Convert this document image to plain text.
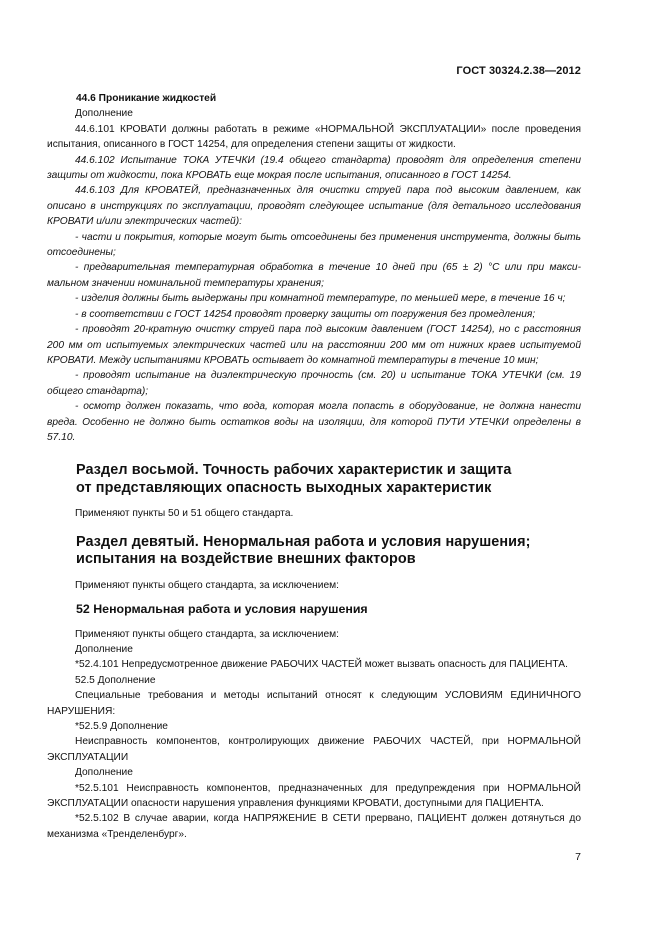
ГОСТ 30324.2.38—2012

44.6 Проникание жидкостей

Дополнение

44.6.101 КРОВАТИ должны работать в режиме «НОРМАЛЬНОЙ ЭКСПЛУАТАЦИИ» после проведения испытания, описанного в ГОСТ 14254, для определения степени защиты от жидкости.

44.6.102 Испытание ТОКА УТЕЧКИ (19.4 общего стандарта) проводят для определения степени защиты от жидкости, пока КРОВАТЬ еще мокрая после испытания, описанного в ГОСТ 14254.

44.6.103 Для КРОВАТЕЙ, предназначенных для очистки струей пара под высоким давлением, как описано в инструкциях по эксплуатации, проводят следующее испытание (для детального исследования КРОВАТИ и/или электрических частей):

- части и покрытия, которые могут быть отсоединены без применения инструмента, должны быть отсоединены;

- предварительная температурная обработка в течение 10 дней при (65 ± 2) °C или при максимальном значении номинальной температуры хранения;

- изделия должны быть выдержаны при комнатной температуре, по меньшей мере, в течение 16 ч;

- в соответствии с ГОСТ 14254 проводят проверку защиты от погружения без промедления;

- проводят 20-кратную очистку струей пара под высоким давлением (ГОСТ 14254), но с расстояния 200 мм от испытуемых электрических частей или на расстоянии 200 мм от нижних краев испытуемой КРОВАТИ. Между испытаниями КРОВАТЬ остывает до комнатной температуры в течение 10 мин;

- проводят испытание на диэлектрическую прочность (см. 20) и испытание ТОКА УТЕЧКИ (см. 19 общего стандарта);

- осмотр должен показать, что вода, которая могла попасть в оборудование, не должна нанести вреда. Особенно не должно быть остатков воды на изоляции, для которой ПУТИ УТЕЧКИ определены в 57.10.

Раздел восьмой. Точность рабочих характеристик и защита
от представляющих опасность выходных характеристик

Применяют пункты 50 и 51 общего стандарта.

Раздел девятый. Ненормальная работа и условия нарушения;
испытания на воздействие внешних факторов

Применяют пункты общего стандарта, за исключением:

52 Ненормальная работа и условия нарушения

Применяют пункты общего стандарта, за исключением:

Дополнение

*52.4.101 Непредусмотренное движение РАБОЧИХ ЧАСТЕЙ может вызвать опасность для ПАЦИЕНТА.

52.5 Дополнение

Специальные требования и методы испытаний относят к следующим УСЛОВИЯМ ЕДИНИЧНОГО НАРУШЕНИЯ:

*52.5.9 Дополнение

Неисправность компонентов, контролирующих движение РАБОЧИХ ЧАСТЕЙ, при НОРМАЛЬНОЙ ЭКСПЛУАТАЦИИ

Дополнение

*52.5.101 Неисправность компонентов, предназначенных для предупреждения при НОРМАЛЬНОЙ ЭКСПЛУАТАЦИИ опасности нарушения управления функциями КРОВАТИ, доступными для ПАЦИЕНТА.

*52.5.102 В случае аварии, когда НАПРЯЖЕНИЕ В СЕТИ прервано, ПАЦИЕНТ должен дотянуться до механизма «Тренделенбург».

7
